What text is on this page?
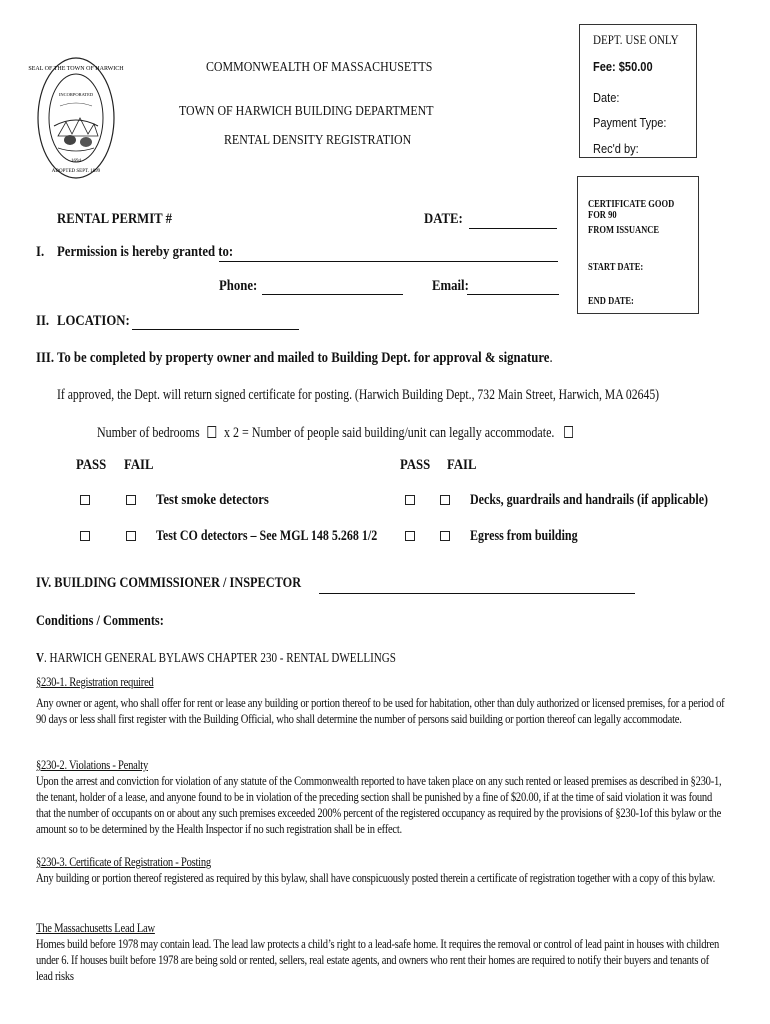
SEAL OF THE TOWN OF HARWICH
INCORPORATED
1694
ADOPTED SEPT. 1899
COMMONWEALTH OF MASSACHUSETTS
TOWN OF HARWICH BUILDING DEPARTMENT
RENTAL DENSITY REGISTRATION
DEPT. USE ONLY
Fee: $50.00
Date:
Payment Type:
Rec'd by:
CERTIFICATE GOOD FOR 90
FROM ISSUANCE
START DATE:
END DATE:
RENTAL PERMIT #	DATE:
I. Permission is hereby granted to:
Phone:	Email:
II. LOCATION:
III. To be completed by property owner and mailed to Building Dept. for approval & signature.
If approved, the Dept. will return signed certificate for posting. (Harwich Building Dept., 732 Main Street, Harwich, MA 02645)
Number of bedrooms x 2 = Number of people said building/unit can legally accommodate.
PASS FAIL	PASS FAIL
Test smoke detectors	Decks, guardrails and handrails (if applicable)
Test CO detectors – See MGL 148 5.268 1/2	Egress from building
IV. BUILDING COMMISSIONER / INSPECTOR
Conditions / Comments:
V. HARWICH GENERAL BYLAWS CHAPTER 230 - RENTAL DWELLINGS

§230-1. Registration required

Any owner or agent, who shall offer for rent or lease any building or portion thereof to be used for habitation, other than duly authorized or licensed premises, for a period of 90 days or less shall first register with the Building Official, who shall determine the number of persons said building or portion thereof can legally accommodate.

§230-2. Violations - Penalty

Upon the arrest and conviction for violation of any statute of the Commonwealth reported to have taken place on any such rented or leased premises as described in §230-1, the tenant, holder of a lease, and anyone found to be in violation of the preceding section shall be punished by a fine of $20.00, if at the time of said violation it was found that the number of occupants on or about any such premises exceeded 200% percent of the registered occupancy as required by the provisions of §230-1of this bylaw or the amount so to be determined by the Health Inspector if no such registration shall be in effect.

§230-3. Certificate of Registration - Posting

Any building or portion thereof registered as required by this bylaw, shall have conspicuously posted therein a certificate of registration together with a copy of this bylaw.

The Massachusetts Lead Law

Homes build before 1978 may contain lead. The lead law protects a child’s right to a lead-safe home. It requires the removal or control of lead paint in houses with children under 6. If houses built before 1978 are being sold or rented, sellers, real estate agents, and owners who rent their homes are required to notify their buyers and tenants of lead risks
